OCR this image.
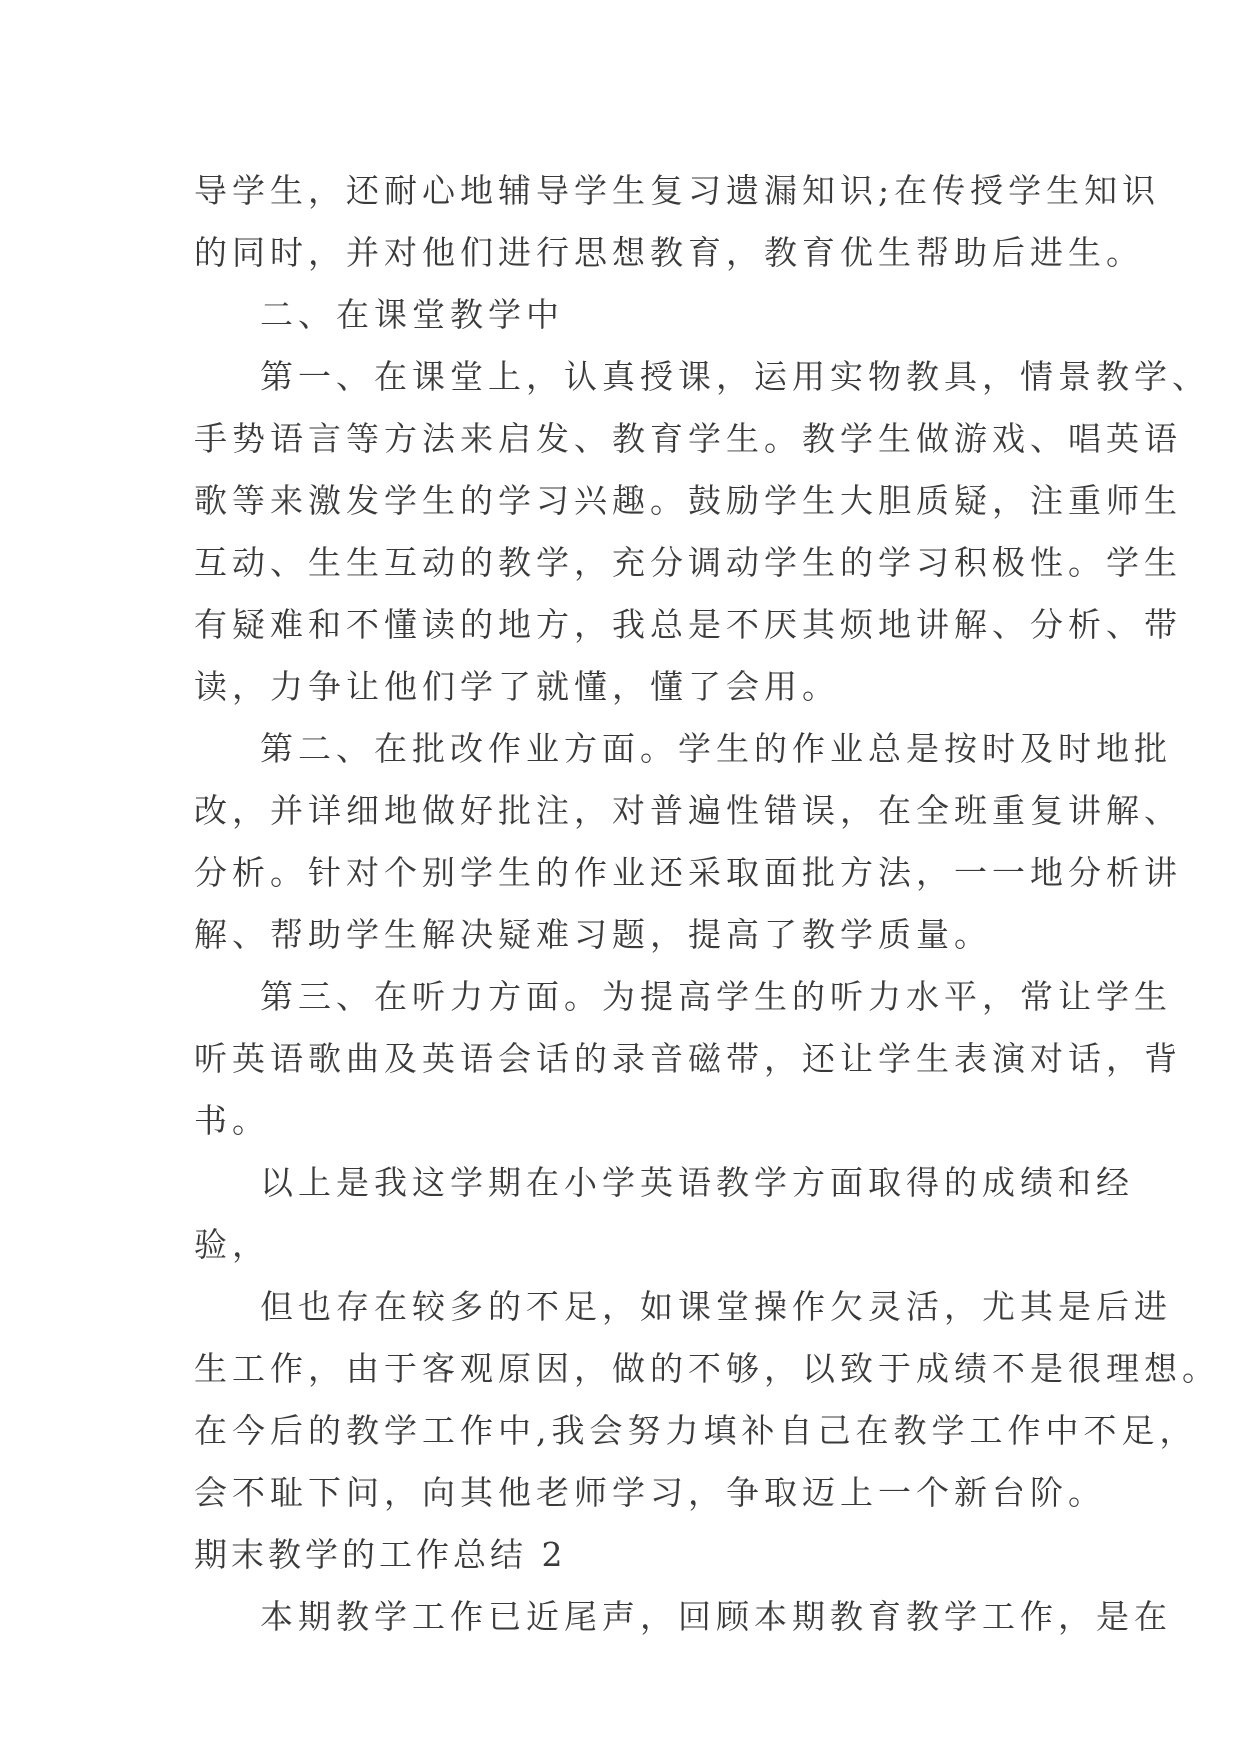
导学生，还耐心地辅导学生复习遗漏知识;在传授学生知识
的同时，并对他们进行思想教育，教育优生帮助后进生。
二、在课堂教学中
第一、在课堂上，认真授课，运用实物教具，情景教学、
手势语言等方法来启发、教育学生。教学生做游戏、唱英语
歌等来激发学生的学习兴趣。鼓励学生大胆质疑，注重师生
互动、生生互动的教学，充分调动学生的学习积极性。学生
有疑难和不懂读的地方，我总是不厌其烦地讲解、分析、带
读，力争让他们学了就懂，懂了会用。
第二、在批改作业方面。学生的作业总是按时及时地批
改，并详细地做好批注，对普遍性错误，在全班重复讲解、
分析。针对个别学生的作业还采取面批方法，一一地分析讲
解、帮助学生解决疑难习题，提高了教学质量。
第三、在听力方面。为提高学生的听力水平，常让学生
听英语歌曲及英语会话的录音磁带，还让学生表演对话，背
书。
以上是我这学期在小学英语教学方面取得的成绩和经
验，
但也存在较多的不足，如课堂操作欠灵活，尤其是后进
生工作，由于客观原因，做的不够，以致于成绩不是很理想。
在今后的教学工作中,我会努力填补自己在教学工作中不足，
会不耻下问，向其他老师学习，争取迈上一个新台阶。
期末教学的工作总结 2
本期教学工作已近尾声，回顾本期教育教学工作，是在
